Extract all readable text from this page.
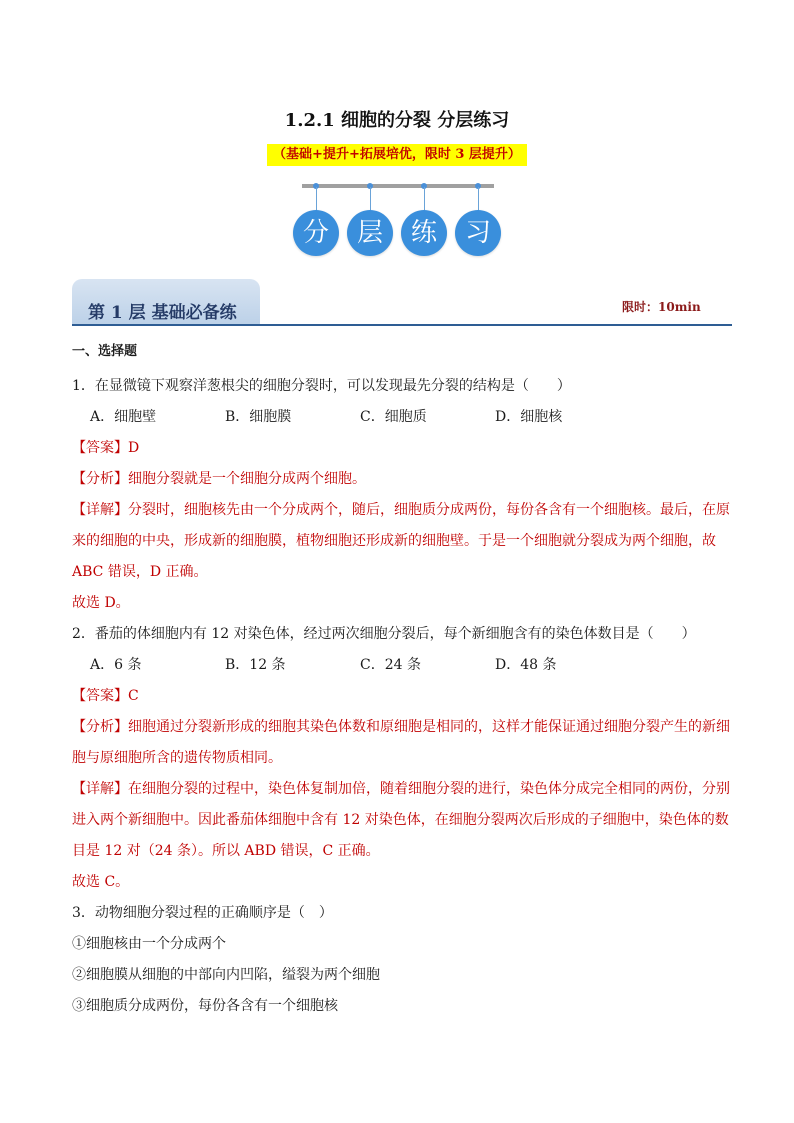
1.2.1 细胞的分裂 分层练习
（基础+提升+拓展培优，限时 3 层提升）
分	层	练	习
第 1 层 基础必备练	限时：10min
一、选择题
1．在显微镜下观察洋葱根尖的细胞分裂时，可以发现最先分裂的结构是（　　）
A．细胞壁	B．细胞膜	C．细胞质	D．细胞核
【答案】D
【分析】细胞分裂就是一个细胞分成两个细胞。
【详解】分裂时，细胞核先由一个分成两个，随后，细胞质分成两份，每份各含有一个细胞核。最后，在原来的细胞的中央，形成新的细胞膜，植物细胞还形成新的细胞壁。于是一个细胞就分裂成为两个细胞，故 ABC 错误，D 正确。
故选 D。
2．番茄的体细胞内有 12 对染色体，经过两次细胞分裂后，每个新细胞含有的染色体数目是（　　）
A．6 条	B．12 条	C．24 条	D．48 条
【答案】C
【分析】细胞通过分裂新形成的细胞其染色体数和原细胞是相同的，这样才能保证通过细胞分裂产生的新细胞与原细胞所含的遗传物质相同。
【详解】在细胞分裂的过程中，染色体复制加倍，随着细胞分裂的进行，染色体分成完全相同的两份，分别进入两个新细胞中。因此番茄体细胞中含有 12 对染色体，在细胞分裂两次后形成的子细胞中，染色体的数目是 12 对（24 条）。所以 ABD 错误，C 正确。
故选 C。
3．动物细胞分裂过程的正确顺序是（　）
①细胞核由一个分成两个
②细胞膜从细胞的中部向内凹陷，缢裂为两个细胞
③细胞质分成两份，每份各含有一个细胞核
